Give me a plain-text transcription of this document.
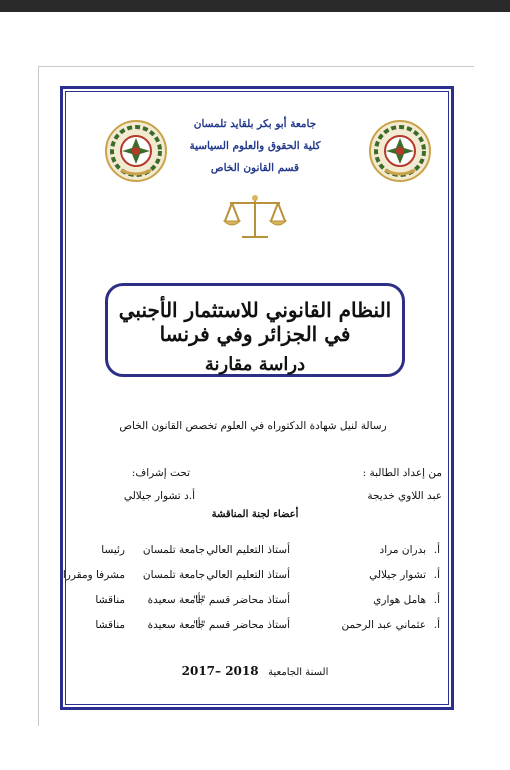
جامعة أبو بكر بلقايد تلمسان
كلية الحقوق والعلوم السياسية
قسم القانون الخاص
النظام القانوني للاستثمار الأجنبي في الجزائر وفي فرنسا
دراسة مقارنة
رسالة لنيل شهادة الدكتوراه في العلوم تخصص القانون الخاص
من إعداد الطالبة :
عبد اللاوي خديجة
تحت إشراف:
أ.د تشوار جيلالي
أعضاء لجنة المناقشة
أ.
بدران مراد
أستاذ التعليم العالي
جامعة تلمسان
رئيسا
أ.
تشوار جيلالي
أستاذ التعليم العالي
جامعة تلمسان
مشرفا ومقررا
أ.
هامل هواري
أستاذ محاضر قسم "أ"
جامعة سعيدة
مناقشا
أ.
عثماني عبد الرحمن
أستاذ محاضر قسم "أ"
جامعة سعيدة
مناقشا
السنة الجامعية   2017– 2018
